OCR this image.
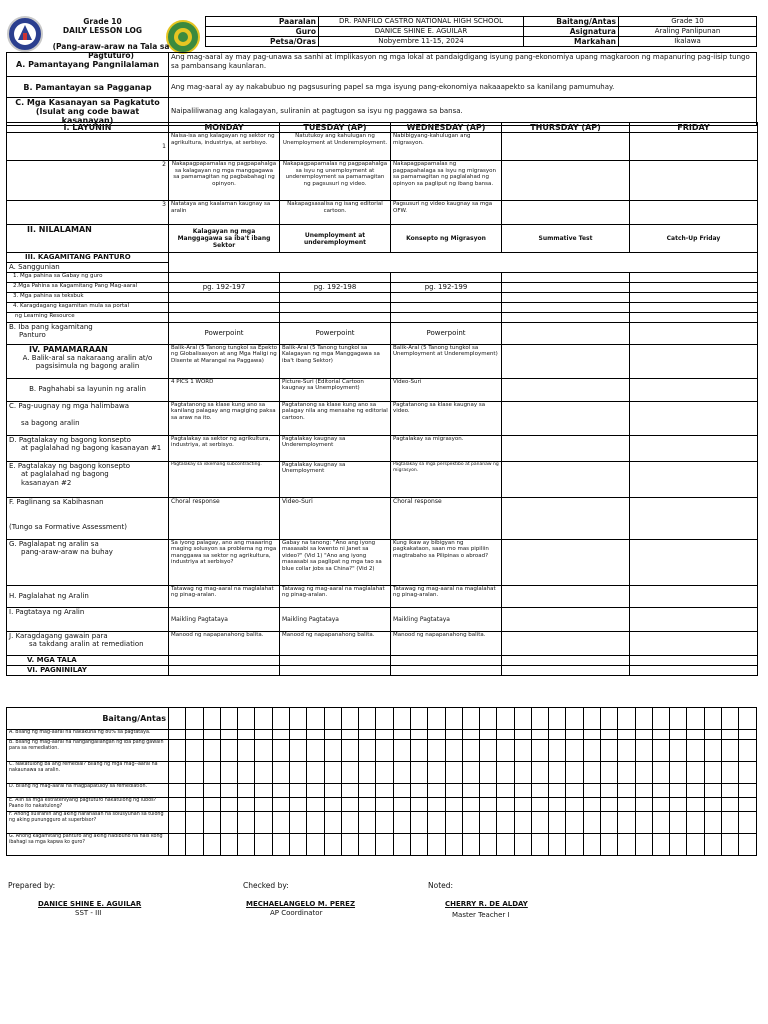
Grade 10
DAILY LESSON LOG
(Pang-araw-araw na Tala sa Pagtuturo)
Paaralan	DR. PANFILO CASTRO NATIONAL HIGH SCHOOL	Baitang/Antas	Grade 10
Guro	DANICE SHINE E. AGUILAR	Asignatura	Araling Panlipunan
Petsa/Oras	Nobyembre 11-15, 2024	Markahan	Ikalawa
A. Pamantayang Pangnilalaman	Ang mag-aaral ay may pag-unawa sa sanhi at implikasyon ng mga lokal at pandaigdigang isyung pang-ekonomiya upang magkaroon ng mapanuring pag-iisip tungo sa pambansang kaunlaran.
B. Pamantayan sa Pagganap	Ang mag-aaral ay ay nakabubuo ng pagsusuring papel sa mga isyung pang-ekonomiya nakaaapekto sa kanilang pamumuhay.
C. Mga Kasanayan sa Pagkatuto (Isulat ang code bawat kasanayan)	Naipaliliwanag ang kalagayan, suliranin at pagtugon sa isyu ng paggawa sa bansa.
I. LAYUNIN	MONDAY	TUESDAY (AP)	WEDNESDAY (AP)	THURSDAY (AP)	FRIDAY
1	Naisa-isa ang kalagayan ng sektor ng agrikultura, industriya, at serbisyo.	Natutukoy ang kahulugan ng Unemployment at Underemployment.	Nabibigyang-kahulugan ang migrasyon.		
2	Nakapagpapamalas ng pagpapahalga sa kalagayan ng mga manggagawa sa pamamagitan ng pagbabahagi ng opinyon.	Nakapagpapamalas ng pagpapahalga sa isyu ng unemployment at underemployment sa pamamagitan ng pagsusuri ng video.	Nakapagpapamalas ng pagpapahalaga sa isyu ng migrasyon sa pamamagitan ng paglalahad ng opinyon sa pagliput ng ibang bansa.		
3	Natataya ang kaalaman kaugnay sa aralin	Nakapagsasalisa ng isang editorial cartoon.	Pagsusuri ng video kaugnay sa mga OFW.		
II. NILALAMAN	Kalagayan ng mga Manggagawa sa iba't ibang Sektor	Unemployment at underemployment	Konsepto ng Migrasyon	Summative Test	Catch-Up Friday
III. KAGAMITANG PANTURO					
A. Sanggunian					
1. Mga pahina sa Gabay ng guro					
2.Mga Pahina sa Kagamitang Pang Mag-aaral	pg. 192-197	pg. 192-198	pg. 192-199		
3. Mga pahina sa teksbuk					
4. Karagdagang kagamitan mula sa portal					
ng Learning Resource					
B. Iba pang kagamitang
Panturo	Powerpoint	Powerpoint	Powerpoint		

IV. PAMAMARAAN
A. Balik-aral sa nakaraang aralin at/o pagsisimula ng bagong aralin	Balik-Aral (5 Tanong tungkol sa Epekto ng Globalisasyon at ang Mga Haligi ng Disente at Marangal na Paggawa)	Balik-Aral (5 Tanong tungkol sa Kalagayan ng mga Manggagawa sa iba't ibang Sektor)	Balik-Aral (5 Tanong tungkol sa Unemployment at Underemployment)		
B. Paghahabi sa layunin ng aralin	4 PICS 1 WORD	Picture-Suri (Editorial Cartoon kaugnay sa Unemployment)	Video-Suri		
C. Pag-uugnay ng mga halimbawa

sa bagong aralin	Pagtatanong sa klase kung ano sa kanilang palagay ang magiging paksa sa araw na ito.	Pagtatanong sa klase kung ano sa palagay nila ang mensahe ng editorial cartoon.	Pagtatanong sa klase kaugnay sa video.		
D. Pagtalakay ng bagong konsepto
at paglalahad ng bagong kasanayan #1	Pagtalakay sa sektor ng agrikultura, industriya, at serbisyo.	Pagtalakay kaugnay sa Underemployment	Pagtalakay sa migrasyon.		
E. Pagtalakay ng bagong konsepto
at paglalahad ng bagong
kasanayan #2	Pagtalakay sa iskemang subcontracting.	Pagtalakay kaugnay sa Unemployment	Pagtalakay sa mga perspektibo at pananaw ng migrasyon.		
F. Paglinang sa Kabihasnan

(Tungo sa Formative Assessment)	Choral response	Video-Suri	Choral response		
G. Paglalapat ng aralin sa
pang-araw-araw na buhay	Sa iyong palagay, ano ang maaaring maging solusyon sa problema ng mga manggawa sa sektor ng agrikultura, industriya at serbisyo?	Gabay na tanong: "Ano ang iyong masasabi sa kwento ni Janet sa video?" (Vid 1) "Ano ang iyong masasabi sa paglipat ng mga tao sa blue collar jobs sa China?" (Vid 2)	Kung ikaw ay bibigyan ng pagkakataon, saan mo mas pipiliin magtrabaho sa Pilipinas o abroad?		
H. Paglalahat ng Aralin	Tatawag ng mag-aaral na maglalahat ng pinag-aralan.	Tatawag ng mag-aaral na maglalahat ng pinag-aralan.	Tatawag ng mag-aaral na maglalahat ng pinag-aralan.		
I. Pagtataya ng Aralin	Maikling Pagtataya	Maikling Pagtataya	Maikling Pagtataya		
J. Karagdagang gawain para
sa takdang aralin at remediation	Manood ng napapanahong balita.	Manood ng napapanahong balita.	Manood ng napapanahong balita.		
V. MGA TALA					
VI. PAGNINILAY					
Baitang/Antas																																		
A. Bilang ng mag-aaral na nakakuha ng 80% sa pagtataya.																																		
B. Bilang ng mag-aaral na nangangailangan ng iba pang gawain para sa remediation.																																		
C. Nakatulong ba ang remedial? Bilang ng mga mag--aaral na nakaunawa sa aralin.																																		
D. Bilang ng mag-aaral na magpapatuloy sa remediation.																																		
E. Alin sa mga estratehiyang pagtuturo nakatulong ng lubos? Paano ito nakatulong?																																		
F. Anong suliranin ang aking naranasan na solusyunan sa tulong ng aking punungguro at superbisor?																																		
G. Anong kagamitang panturo ang aking nadibuho na nais kong ibahagi sa mga kapwa ko guro?																																		
Prepared by:
DANICE SHINE E. AGUILAR
SST - III
Checked by:
MECHAELANGELO M. PEREZ
AP Coordinator
Noted:
CHERRY R. DE ALDAY
Master Teacher I
